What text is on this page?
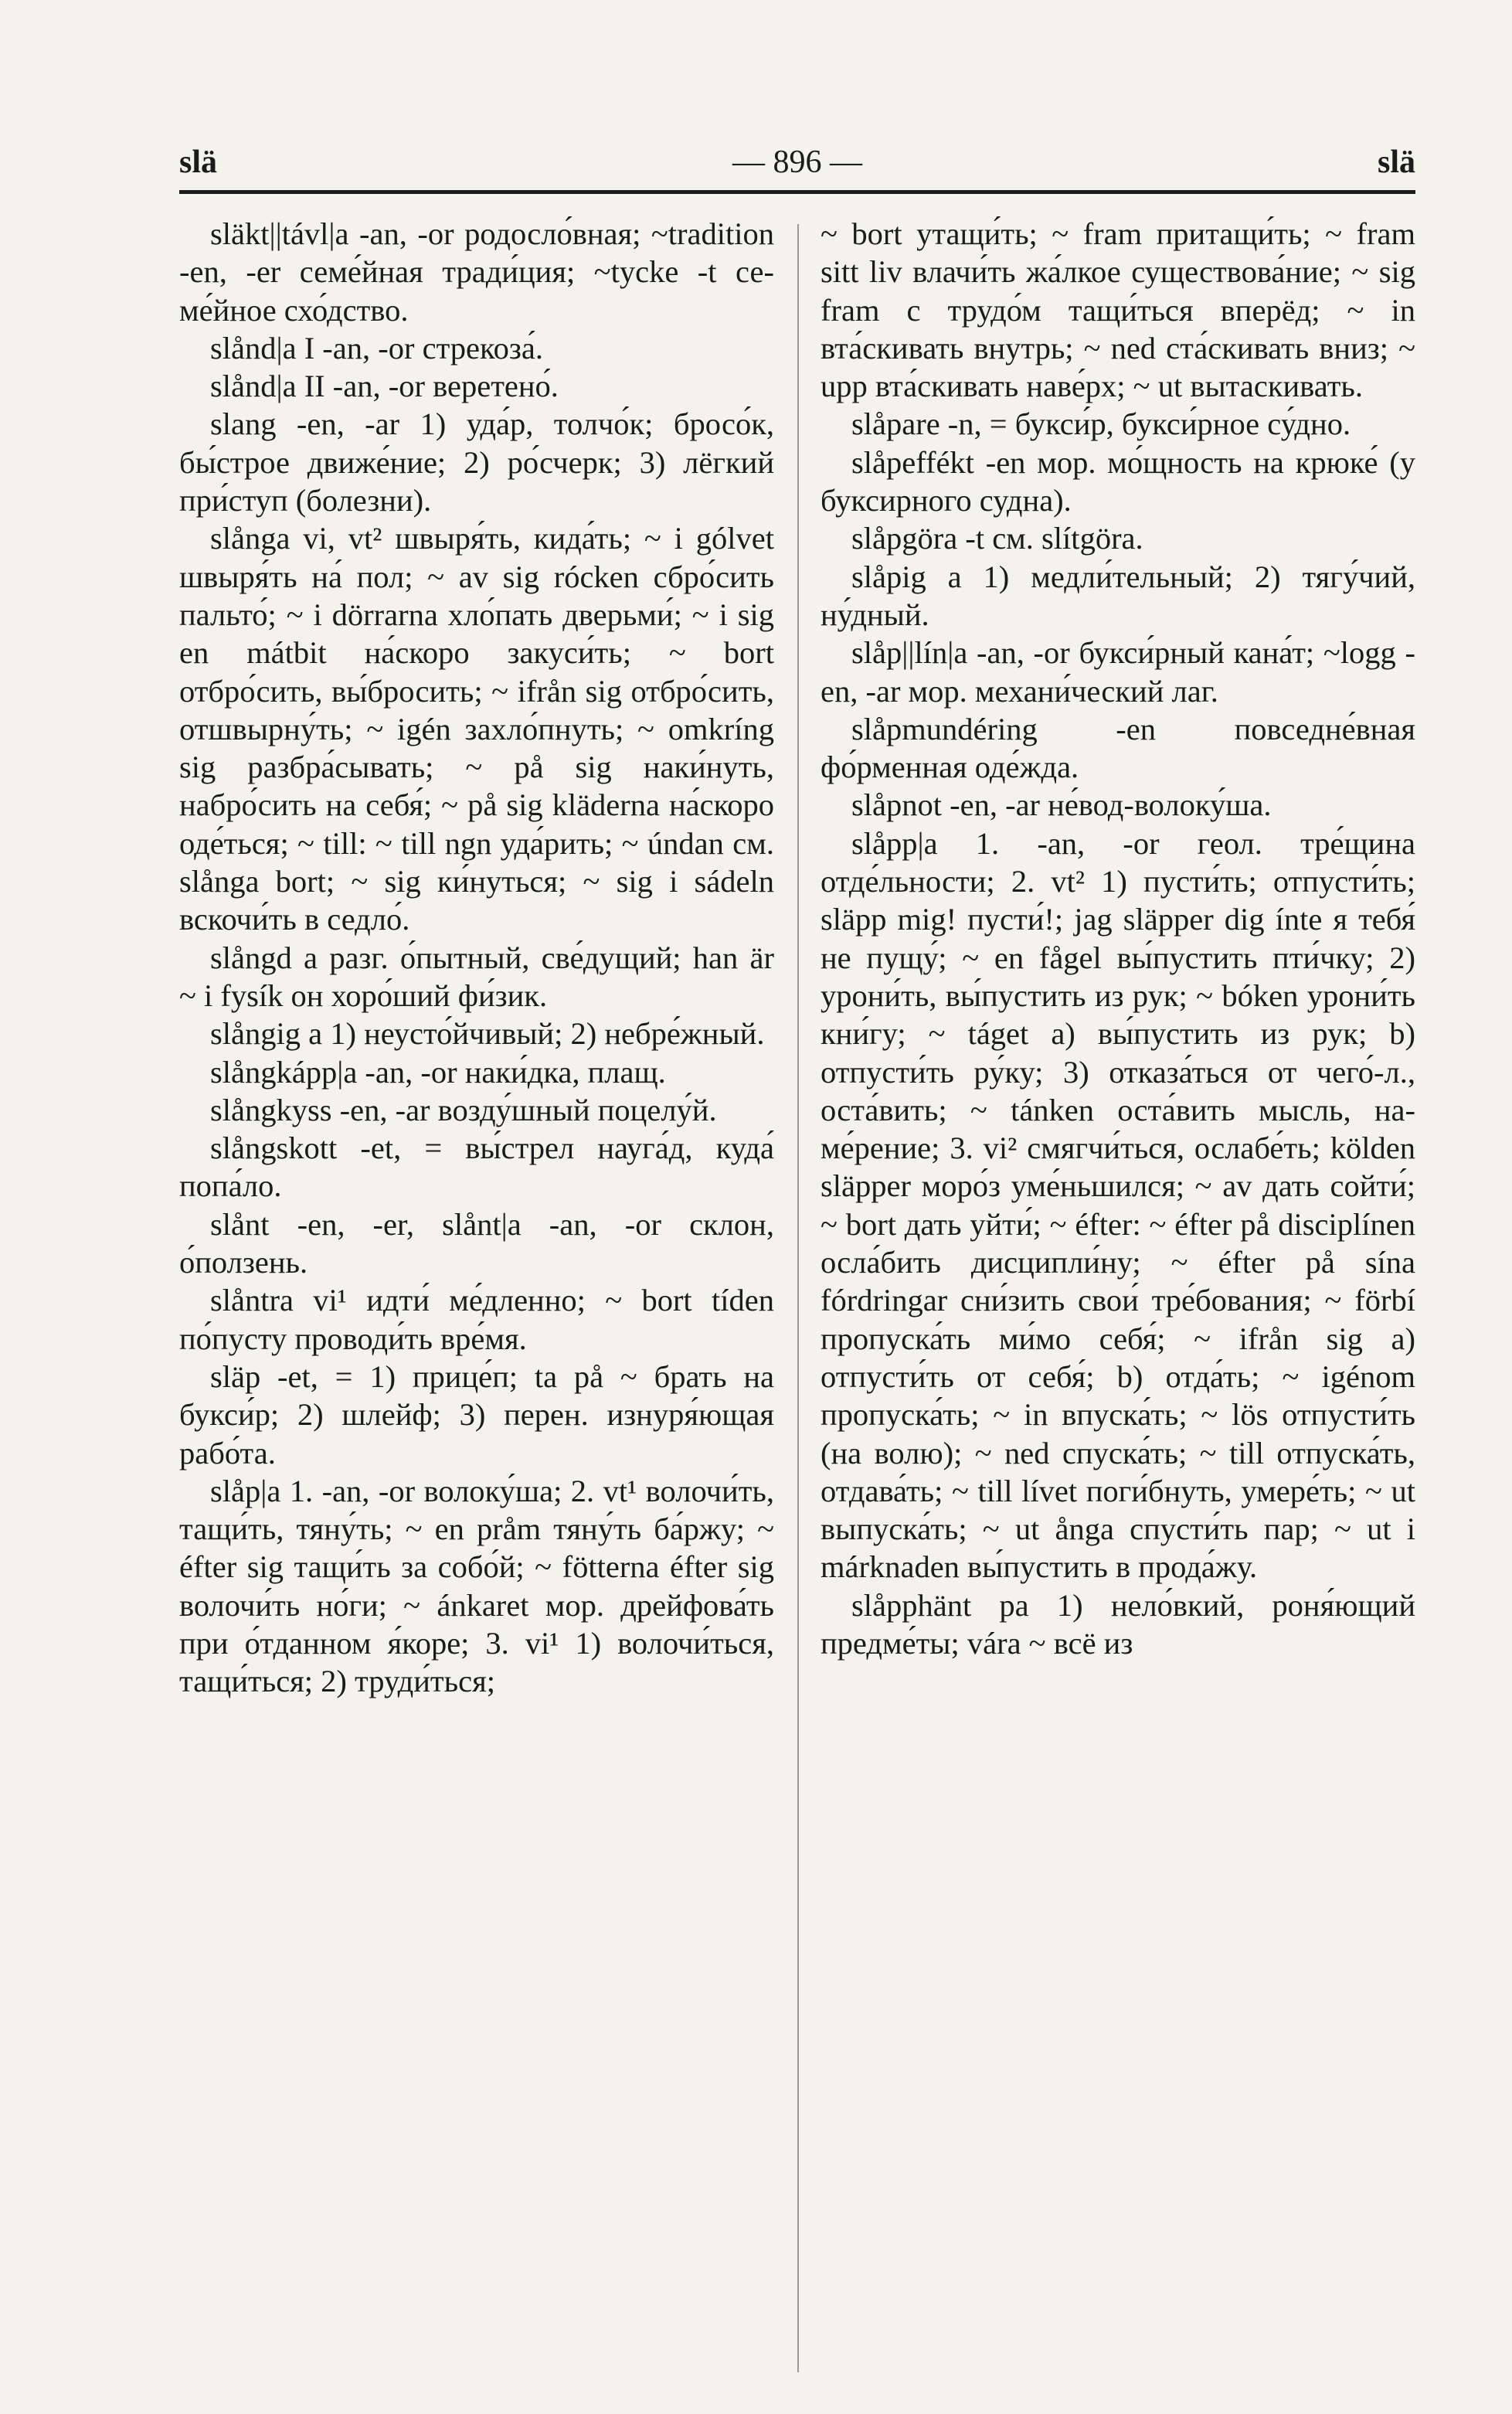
slä	— 896 —	slä

släkt||távl|a -an, -or родосло́вная; ~tradition -en, -er семе́йная тради́ция; ~tycke -t семе́йное схо́дство.

slånd|a I -an, -or стрекоза́.

slånd|a II -an, -or веретено́.

slang -en, -ar 1) уда́р, толчо́к; бросо́к, бы́строе движе́ние; 2) ро́счерк; 3) лёгкий при́ступ (болезни).

slånga vi, vt² швыря́ть, кида́ть; ~ i gólvet швыря́ть на́ пол; ~ av sig rócken сбро́сить пальто́; ~ i dörrarna хло́пать дверьми́; ~ i sig en mátbit на́скоро закуси́ть; ~ bort отбро́сить, вы́бросить; ~ ifrån sig отбро́сить, отшвырну́ть; ~ igén захло́пнуть; ~ omkríng sig разбра́сывать; ~ på sig наки́нуть, набро́сить на себя́; ~ på sig kläderna на́скоро оде́ться; ~ till: ~ till ngn уда́рить; ~ úndan см. slånga bort; ~ sig ки́нуться; ~ sig i sádeln вскочи́ть в седло́.

slångd a разг. о́пытный, све́дущий; han är ~ i fysík он хоро́ший фи́зик.

slångig a 1) неусто́йчивый; 2) небре́жный.

slångkápp|a -an, -or наки́дка, плащ.

slångkyss -en, -ar возду́шный поцелу́й.

slångskott -et, = вы́стрел науга́д, куда́ попа́ло.

slånt -en, -er, slånt|a -an, -or склон, о́ползень.

slåntra vi¹ идти́ ме́дленно; ~ bort tíden по́пусту проводи́ть вре́мя.

släp -et, = 1) прице́п; ta på ~ брать на букси́р; 2) шлейф; 3) перен. изнуря́ющая рабо́та.

slåp|a 1. -an, -or волоку́ша; 2. vt¹ волочи́ть, тащи́ть, тяну́ть; ~ en pråm тяну́ть ба́ржу; ~ éfter sig тащи́ть за собо́й; ~ fötterna éfter sig волочи́ть но́ги; ~ ánkaret мор. дрейфова́ть при о́тданном я́коре; 3. vi¹ 1) волочи́ться, тащи́ться; 2) труди́ться;

~ bort утащи́ть; ~ fram притащи́ть; ~ fram sitt liv влачи́ть жа́лкое существова́ние; ~ sig fram с трудо́м тащи́ться вперёд; ~ in вта́скивать внутрь; ~ ned ста́скивать вниз; ~ upp вта́скивать наве́рх; ~ ut вытаскивать.

slåpare -n, = букси́р, букси́рное су́дно.

slåpeffékt -en мор. мо́щность на крюке́ (у буксирного судна).

slåpgöra -t см. slítgöra.

slåpig a 1) медли́тельный; 2) тягу́чий, ну́дный.

slåp||lín|a -an, -or букси́рный кана́т; ~logg -en, -ar мор. механи́ческий лаг.

slåpmundéring -en повседне́вная фо́рменная оде́жда.

slåpnot -en, -ar не́вод-волоку́ша.

slåpp|a 1. -an, -or геол. тре́щина отде́льности; 2. vt² 1) пусти́ть; отпусти́ть; släpp mig! пусти́!; jag släpper dig ínte я тебя́ не пущу́; ~ en fågel вы́пустить пти́чку; 2) урони́ть, вы́пустить из рук; ~ bóken урони́ть кни́гу; ~ táget a) вы́пустить из рук; b) отпусти́ть ру́ку; 3) отказа́ться от чего́-л., оста́вить; ~ tánken оста́вить мысль, наме́рение; 3. vi² смягчи́ться, ослабе́ть; kölden släpper моро́з уме́ньшился; ~ av дать сойти́; ~ bort дать уйти́; ~ éfter: ~ éfter på disciplínen осла́бить дисципли́ну; ~ éfter på sína fórdringar сни́зить свои́ тре́бования; ~ förbí пропуска́ть ми́мо себя́; ~ ifrån sig a) отпусти́ть от себя́; b) отда́ть; ~ igénom пропуска́ть; ~ in впуска́ть; ~ lös отпусти́ть (на волю); ~ ned спуска́ть; ~ till отпуска́ть, отдава́ть; ~ till lívet поги́бнуть, умере́ть; ~ ut выпуска́ть; ~ ut ånga спусти́ть пар; ~ ut i márknaden вы́пустить в прода́жу.

slåpphänt pa 1) нело́вкий, роня́ющий предме́ты; vára ~ всё из
